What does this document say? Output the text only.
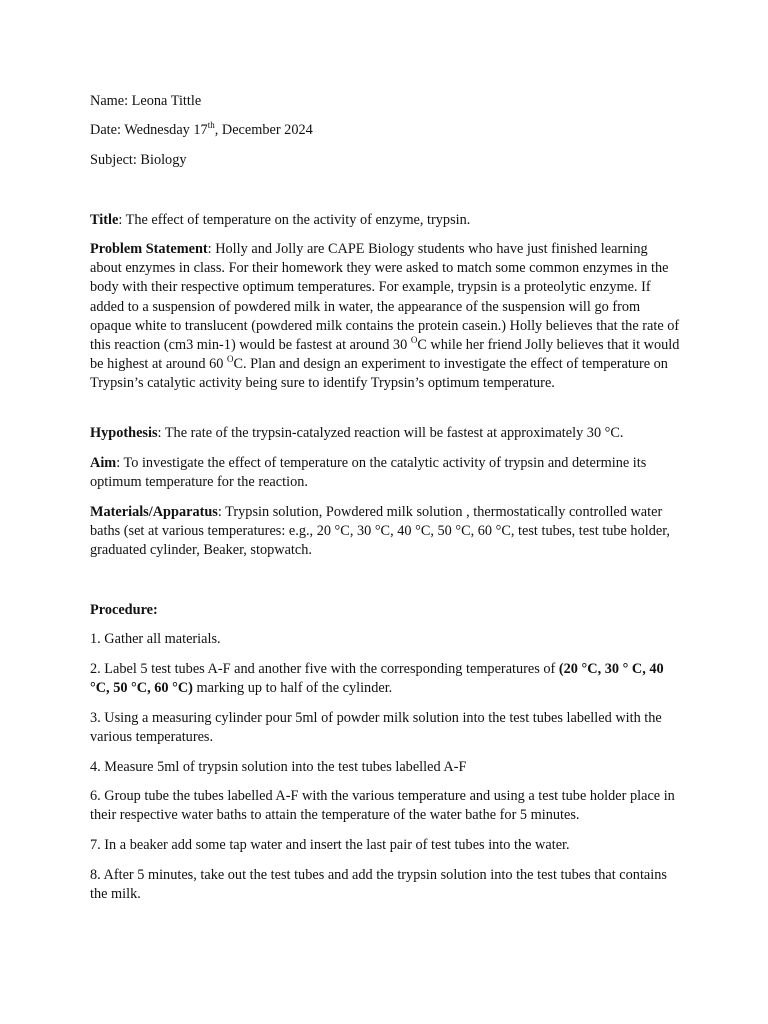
Name: Leona Tittle

Date: Wednesday 17th, December 2024

Subject: Biology

Title: The effect of temperature on the activity of enzyme, trypsin.

Problem Statement: Holly and Jolly are CAPE Biology students who have just finished learning about enzymes in class. For their homework they were asked to match some common enzymes in the body with their respective optimum temperatures. For example, trypsin is a proteolytic enzyme. If added to a suspension of powdered milk in water, the appearance of the suspension will go from opaque white to translucent (powdered milk contains the protein casein.) Holly believes that the rate of this reaction (cm3 min-1) would be fastest at around 30 $^O$C while her friend Jolly believes that it would be highest at around 60 $^O$C. Plan and design an experiment to investigate the effect of temperature on Trypsin’s catalytic activity being sure to identify Trypsin’s optimum temperature.

Hypothesis: The rate of the trypsin-catalyzed reaction will be fastest at approximately 30 °C.

Aim: To investigate the effect of temperature on the catalytic activity of trypsin and determine its optimum temperature for the reaction.

Materials/Apparatus: Trypsin solution, Powdered milk solution , thermostatically controlled water baths (set at various temperatures: e.g., 20 °C, 30 °C, 40 °C, 50 °C, 60 °C, test tubes, test tube holder, graduated cylinder, Beaker, stopwatch.

Procedure:

1. Gather all materials.

2. Label 5 test tubes A-F and another five with the corresponding temperatures of (20 °C, 30 ° C, 40 °C, 50 °C, 60 °C) marking up to half of the cylinder.

3. Using a measuring cylinder pour 5ml of powder milk solution into the test tubes labelled with the various temperatures.

4. Measure 5ml of trypsin solution into the test tubes labelled A-F

6. Group tube the tubes labelled A-F with the various temperature and using a test tube holder place in their respective water baths to attain the temperature of the water bathe for 5 minutes.

7. In a beaker add some tap water and insert the last pair of test tubes into the water.

8. After 5 minutes, take out the test tubes and add the trypsin solution into the test tubes that contains the milk.
